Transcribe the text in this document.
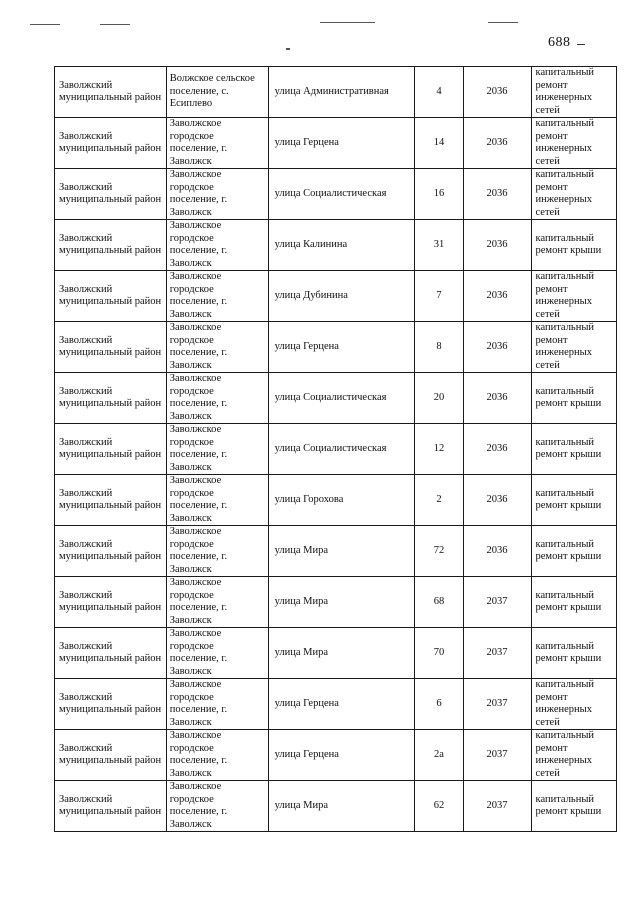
688
Заволжский муниципальный район	Волжское сельское поселение, с. Есиплево	улица Административная	4	2036	капитальный ремонт инженерных сетей

Заволжский муниципальный район	Заволжское городское поселение, г. Заволжск	улица Герцена	14	2036	капитальный ремонт инженерных сетей

Заволжский муниципальный район	Заволжское городское поселение, г. Заволжск	улица Социалистическая	16	2036	капитальный ремонт инженерных сетей

Заволжский муниципальный район	Заволжское городское поселение, г. Заволжск	улица Калинина	31	2036	капитальный ремонт крыши

Заволжский муниципальный район	Заволжское городское поселение, г. Заволжск	улица Дубинина	7	2036	капитальный ремонт инженерных сетей

Заволжский муниципальный район	Заволжское городское поселение, г. Заволжск	улица Герцена	8	2036	капитальный ремонт инженерных сетей

Заволжский муниципальный район	Заволжское городское поселение, г. Заволжск	улица Социалистическая	20	2036	капитальный ремонт крыши

Заволжский муниципальный район	Заволжское городское поселение, г. Заволжск	улица Социалистическая	12	2036	капитальный ремонт крыши

Заволжский муниципальный район	Заволжское городское поселение, г. Заволжск	улица Горохова	2	2036	капитальный ремонт крыши

Заволжский муниципальный район	Заволжское городское поселение, г. Заволжск	улица Мира	72	2036	капитальный ремонт крыши

Заволжский муниципальный район	Заволжское городское поселение, г. Заволжск	улица Мира	68	2037	капитальный ремонт крыши

Заволжский муниципальный район	Заволжское городское поселение, г. Заволжск	улица Мира	70	2037	капитальный ремонт крыши

Заволжский муниципальный район	Заволжское городское поселение, г. Заволжск	улица Герцена	6	2037	капитальный ремонт инженерных сетей

Заволжский муниципальный район	Заволжское городское поселение, г. Заволжск	улица Герцена	2а	2037	капитальный ремонт инженерных сетей

Заволжский муниципальный район	Заволжское городское поселение, г. Заволжск	улица Мира	62	2037	капитальный ремонт крыши
